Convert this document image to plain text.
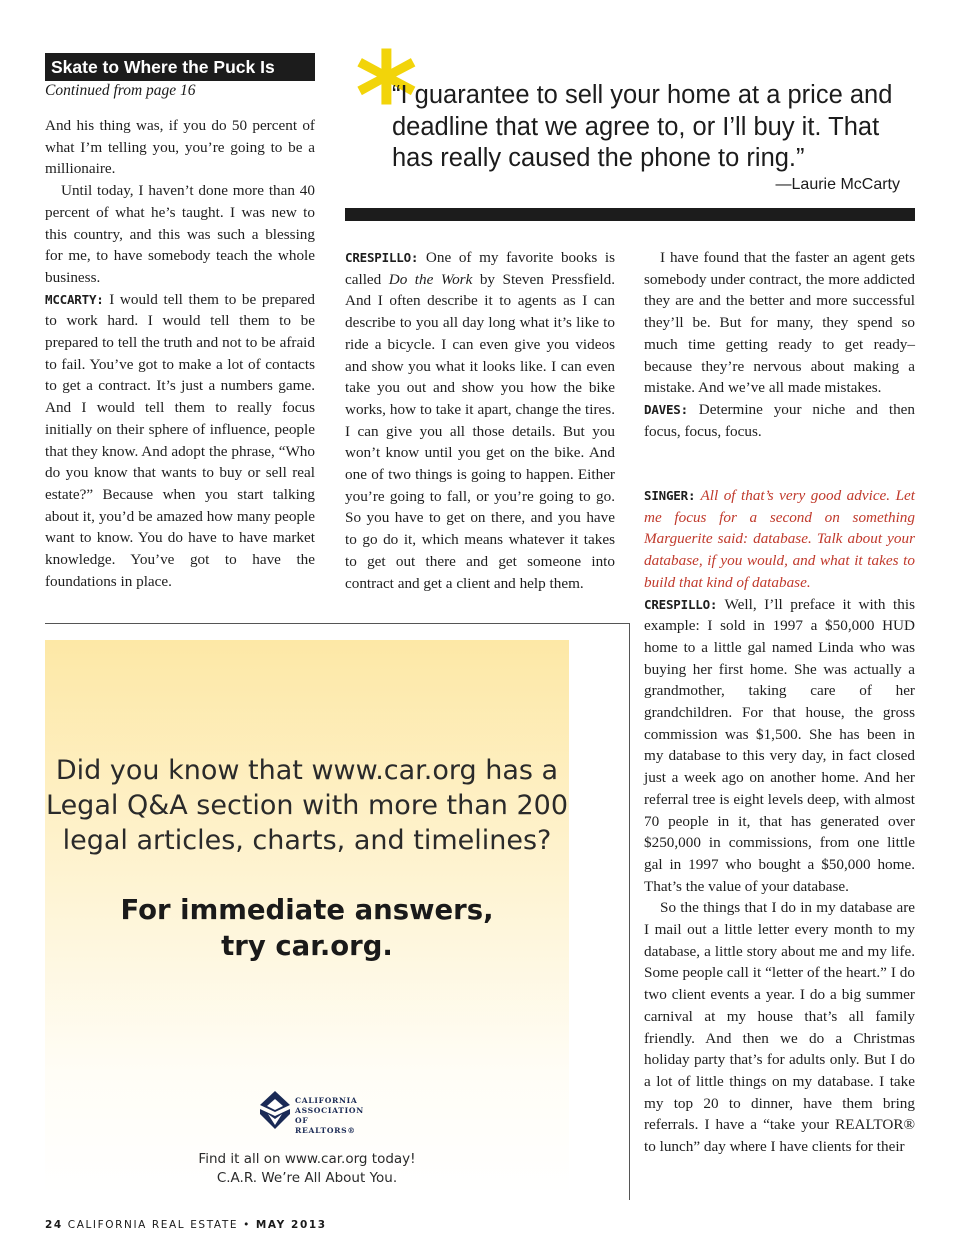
Skate to Where the Puck Is
Continued from page 16

And his thing was, if you do 50 percent of what I’m telling you, you’re going to be a millionaire.

Until today, I haven’t done more than 40 percent of what he’s taught. I was new to this country, and this was such a blessing for me, to have somebody teach the whole business.

MCCARTY: I would tell them to be prepared to work hard. I would tell them to be prepared to tell the truth and not to be afraid to fail. You’ve got to make a lot of contacts to get a contract. It’s just a numbers game. And I would tell them to really focus initially on their sphere of influence, people that they know. And adopt the phrase, “Who do you know that wants to buy or sell real estate?” Because when you start talking about it, you’d be amazed how many people want to know. You do have to have market knowledge. You’ve got to have the foundations in place.

*
“I guarantee to sell your home at a price and deadline that we agree to, or I’ll buy it. That has really caused the phone to ring.”
—Laurie McCarty

CRESPILLO: One of my favorite books is called Do the Work by Steven Pressfield. And I often describe it to agents as I can describe to you all day long what it’s like to ride a bicycle. I can even give you videos and show you what it looks like. I can even take you out and show you how the bike works, how to take it apart, change the tires. I can give you all those details. But you won’t know until you get on the bike. And one of two things is going to happen. Either you’re going to fall, or you’re going to go. So you have to get on there, and you have to go do it, which means whatever it takes to get out there and get someone into contract and get a client and help them.

I have found that the faster an agent gets somebody under contract, the more addicted they are and the better and more successful they’ll be. But for many, they spend so much time getting ready to get ready–because they’re nervous about making a mistake. And we’ve all made mistakes.

DAVES: Determine your niche and then focus, focus, focus.

SINGER: All of that’s very good advice. Let me focus for a second on something Marguerite said: database. Talk about your database, if you would, and what it takes to build that kind of database.

CRESPILLO: Well, I’ll preface it with this example: I sold in 1997 a $50,000 HUD home to a little gal named Linda who was buying her first home. She was actually a grandmother, taking care of her grandchildren. For that house, the gross commission was $1,500. She has been in my database to this very day, in fact closed just a week ago on another home. And her referral tree is eight levels deep, with almost 70 people in it, that has generated over $250,000 in commissions, from one little gal in 1997 who bought a $50,000 home. That’s the value of your database.

So the things that I do in my database are I mail out a little letter every month to my database, a little story about me and my life. Some people call it “letter of the heart.” I do two client events a year. I do a big summer carnival at my house that’s all family friendly. And then we do a Christmas holiday party that’s for adults only. But I do a lot of little things on my database. I take my top 20 to dinner, have them bring referrals. I have a “take your REALTOR® to lunch” day where I have clients for their

Did you know that www.car.org has a
Legal Q&A section with more than 200
legal articles, charts, and timelines?
For immediate answers,
try car.org.
CALIFORNIA
ASSOCIATION
OF REALTORS®
Find it all on www.car.org today!
C.A.R. We’re All About You.
24 CALIFORNIA REAL ESTATE • MAY 2013
